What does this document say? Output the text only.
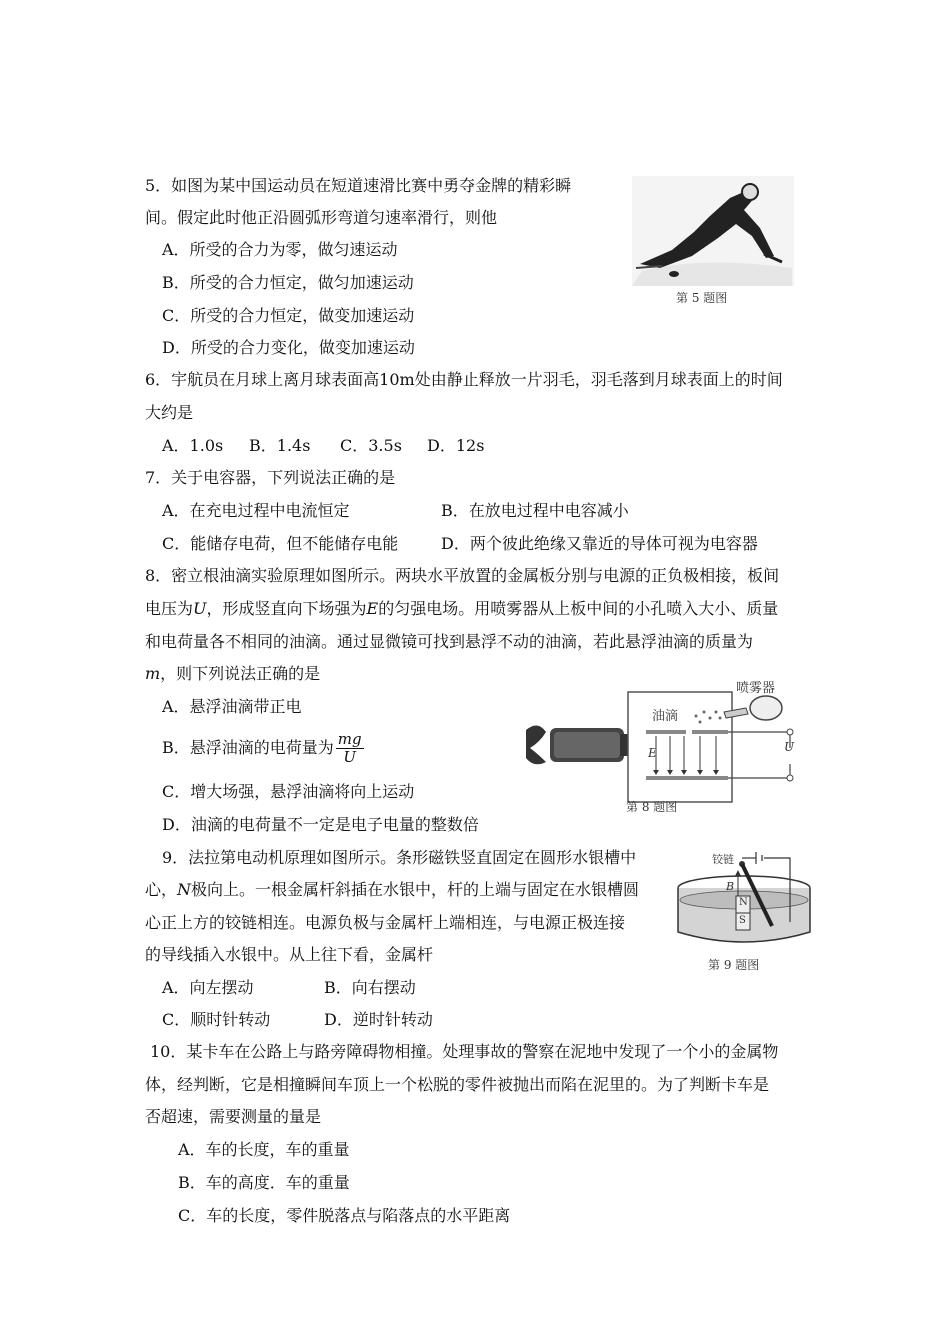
5．如图为某中国运动员在短道速滑比赛中勇夺金牌的精彩瞬
间。假定此时他正沿圆弧形弯道匀速率滑行，则他
A．所受的合力为零，做匀速运动
B．所受的合力恒定，做匀加速运动
C．所受的合力恒定，做变加速运动
D．所受的合力变化，做变加速运动
第 5 题图
6．宇航员在月球上离月球表面高10m处由静止释放一片羽毛，羽毛落到月球表面上的时间
大约是
A．1.0s B．1.4s C．3.5s D．12s
7．关于电容器，下列说法正确的是
A．在充电过程中电流恒定	B．在放电过程中电容减小
C．能储存电荷，但不能储存电能	D．两个彼此绝缘又靠近的导体可视为电容器
8．密立根油滴实验原理如图所示。两块水平放置的金属板分别与电源的正负极相接，板间
电压为U，形成竖直向下场强为E的匀强电场。用喷雾器从上板中间的小孔喷入大小、质量
和电荷量各不相同的油滴。通过显微镜可找到悬浮不动的油滴，若此悬浮油滴的质量为
m，则下列说法正确的是
A．悬浮油滴带正电
B．悬浮油滴的电荷量为 $\frac{mg}{U}$
C．增大场强，悬浮油滴将向上运动
D．油滴的电荷量不一定是电子电量的整数倍
喷雾器
油滴
E	U
第 8 题图
9．法拉第电动机原理如图所示。条形磁铁竖直固定在圆形水银槽中
心，N极向上。一根金属杆斜插在水银中，杆的上端与固定在水银槽圆
心正上方的铰链相连。电源负极与金属杆上端相连，与电源正极连接
的导线插入水银中。从上往下看，金属杆
A．向左摆动	B．向右摆动
C．顺时针转动	D．逆时针转动
铰链
B
N
S
第 9 题图
10．某卡车在公路上与路旁障碍物相撞。处理事故的警察在泥地中发现了一个小的金属物
体，经判断，它是相撞瞬间车顶上一个松脱的零件被抛出而陷在泥里的。为了判断卡车是
否超速，需要测量的量是
A．车的长度，车的重量
B．车的高度．车的重量
C．车的长度，零件脱落点与陷落点的水平距离
